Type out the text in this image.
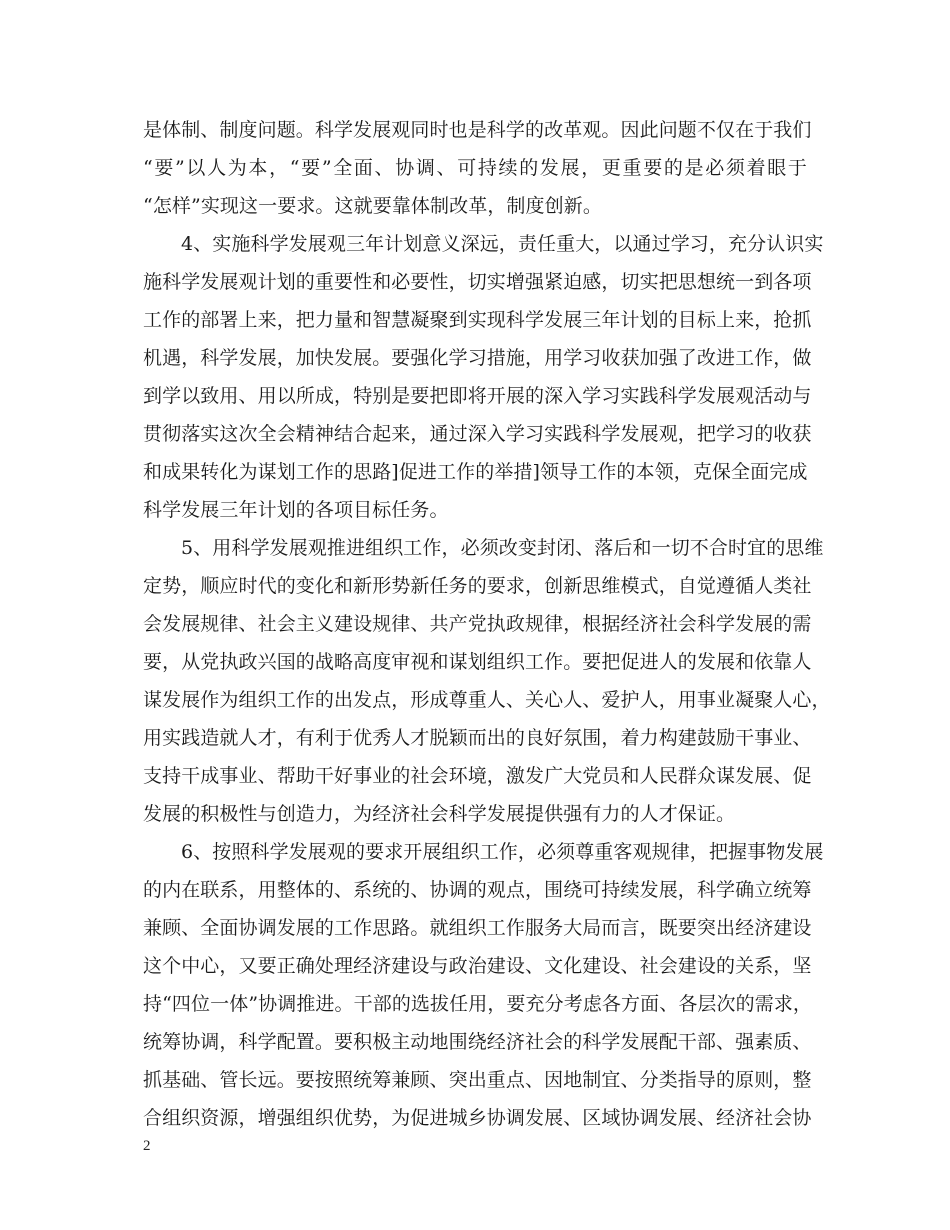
是体制、制度问题。科学发展观同时也是科学的改革观。因此问题不仅在于我们
“要”以人为本，“要”全面、协调、可持续的发展，更重要的是必须着眼于
“怎样”实现这一要求。这就要靠体制改革，制度创新。
4、实施科学发展观三年计划意义深远，责任重大，以通过学习，充分认识实
施科学发展观计划的重要性和必要性，切实增强紧迫感，切实把思想统一到各项
工作的部署上来，把力量和智慧凝聚到实现科学发展三年计划的目标上来，抢抓
机遇，科学发展，加快发展。要强化学习措施，用学习收获加强了改进工作，做
到学以致用、用以所成，特别是要把即将开展的深入学习实践科学发展观活动与
贯彻落实这次全会精神结合起来，通过深入学习实践科学发展观，把学习的收获
和成果转化为谋划工作的思路]促进工作的举措]领导工作的本领，克保全面完成
科学发展三年计划的各项目标任务。
5、用科学发展观推进组织工作，必须改变封闭、落后和一切不合时宜的思维
定势，顺应时代的变化和新形势新任务的要求，创新思维模式，自觉遵循人类社
会发展规律、社会主义建设规律、共产党执政规律，根据经济社会科学发展的需
要，从党执政兴国的战略高度审视和谋划组织工作。要把促进人的发展和依靠人
谋发展作为组织工作的出发点，形成尊重人、关心人、爱护人，用事业凝聚人心，
用实践造就人才，有利于优秀人才脱颖而出的良好氛围，着力构建鼓励干事业、
支持干成事业、帮助干好事业的社会环境，激发广大党员和人民群众谋发展、促
发展的积极性与创造力，为经济社会科学发展提供强有力的人才保证。
6、按照科学发展观的要求开展组织工作，必须尊重客观规律，把握事物发展
的内在联系，用整体的、系统的、协调的观点，围绕可持续发展，科学确立统筹
兼顾、全面协调发展的工作思路。就组织工作服务大局而言，既要突出经济建设
这个中心，又要正确处理经济建设与政治建设、文化建设、社会建设的关系，坚
持“四位一体”协调推进。干部的选拔任用，要充分考虑各方面、各层次的需求，
统筹协调，科学配置。要积极主动地围绕经济社会的科学发展配干部、强素质、
抓基础、管长远。要按照统筹兼顾、突出重点、因地制宜、分类指导的原则，整
合组织资源，增强组织优势，为促进城乡协调发展、区域协调发展、经济社会协
2
